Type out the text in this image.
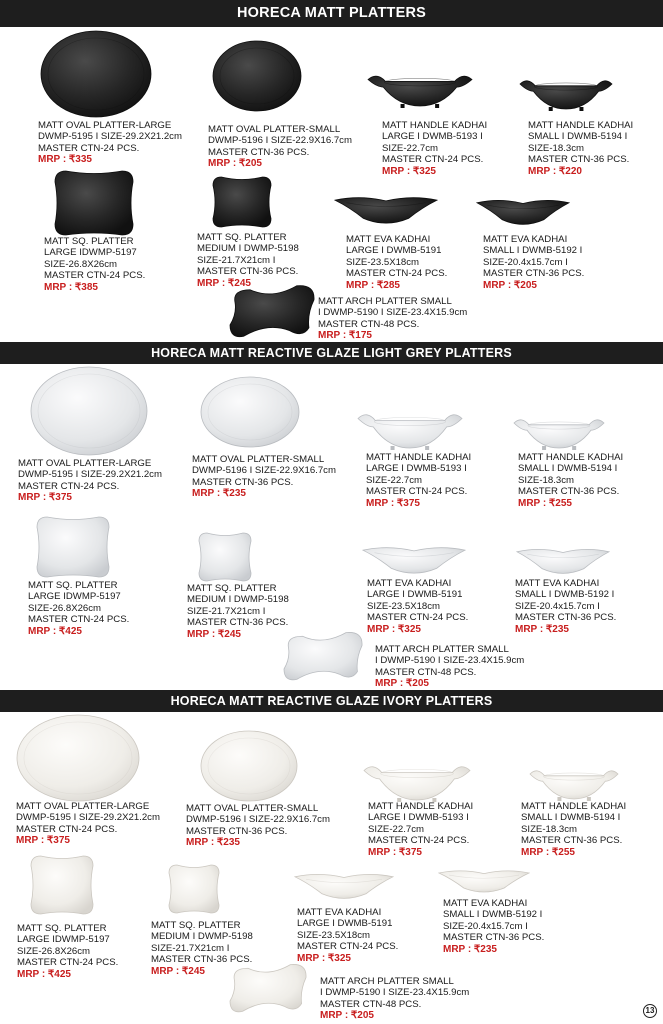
HORECA MATT PLATTERS
HORECA MATT REACTIVE GLAZE LIGHT GREY PLATTERS
HORECA MATT REACTIVE GLAZE IVORY PLATTERS
MATT OVAL PLATTER-LARGE
DWMP-5195 I SIZE-29.2X21.2cm
MASTER CTN-24 PCS.
MRP : ₹335
MATT OVAL PLATTER-SMALL
DWMP-5196 I SIZE-22.9X16.7cm
MASTER CTN-36 PCS.
MRP : ₹205
MATT HANDLE KADHAI
LARGE I DWMB-5193 I
SIZE-22.7cm
MASTER CTN-24 PCS.
MRP : ₹325
MATT HANDLE KADHAI
SMALL I DWMB-5194 I
SIZE-18.3cm
MASTER CTN-36 PCS.
MRP : ₹220
MATT SQ. PLATTER
LARGE IDWMP-5197
SIZE-26.8X26cm
MASTER CTN-24 PCS.
MRP : ₹385
MATT SQ. PLATTER
MEDIUM I DWMP-5198
SIZE-21.7X21cm I
MASTER CTN-36 PCS.
MRP : ₹245
MATT EVA KADHAI
LARGE I DWMB-5191
SIZE-23.5X18cm
MASTER CTN-24 PCS.
MRP : ₹285
MATT EVA KADHAI
SMALL I DWMB-5192 I
SIZE-20.4x15.7cm I
MASTER CTN-36 PCS.
MRP : ₹205
MATT ARCH PLATTER SMALL
I DWMP-5190 I SIZE-23.4X15.9cm
MASTER CTN-48 PCS.
MRP : ₹175
MATT OVAL PLATTER-LARGE
DWMP-5195 I SIZE-29.2X21.2cm
MASTER CTN-24 PCS.
MRP : ₹375
MATT OVAL PLATTER-SMALL
DWMP-5196 I SIZE-22.9X16.7cm
MASTER CTN-36 PCS.
MRP : ₹235
MATT HANDLE KADHAI
LARGE I DWMB-5193 I
SIZE-22.7cm
MASTER CTN-24 PCS.
MRP : ₹375
MATT HANDLE KADHAI
SMALL I DWMB-5194 I
SIZE-18.3cm
MASTER CTN-36 PCS.
MRP : ₹255
MATT SQ. PLATTER
LARGE IDWMP-5197
SIZE-26.8X26cm
MASTER CTN-24 PCS.
MRP : ₹425
MATT SQ. PLATTER
MEDIUM I DWMP-5198
SIZE-21.7X21cm I
MASTER CTN-36 PCS.
MRP : ₹245
MATT EVA KADHAI
LARGE I DWMB-5191
SIZE-23.5X18cm
MASTER CTN-24 PCS.
MRP : ₹325
MATT EVA KADHAI
SMALL I DWMB-5192 I
SIZE-20.4x15.7cm I
MASTER CTN-36 PCS.
MRP : ₹235
MATT ARCH PLATTER SMALL
I DWMP-5190 I SIZE-23.4X15.9cm
MASTER CTN-48 PCS.
MRP : ₹205
MATT OVAL PLATTER-LARGE
DWMP-5195 I SIZE-29.2X21.2cm
MASTER CTN-24 PCS.
MRP : ₹375
MATT OVAL PLATTER-SMALL
DWMP-5196 I SIZE-22.9X16.7cm
MASTER CTN-36 PCS.
MRP : ₹235
MATT HANDLE KADHAI
LARGE I DWMB-5193 I
SIZE-22.7cm
MASTER CTN-24 PCS.
MRP : ₹375
MATT HANDLE KADHAI
SMALL I DWMB-5194 I
SIZE-18.3cm
MASTER CTN-36 PCS.
MRP : ₹255
MATT SQ. PLATTER
LARGE IDWMP-5197
SIZE-26.8X26cm
MASTER CTN-24 PCS.
MRP : ₹425
MATT SQ. PLATTER
MEDIUM I DWMP-5198
SIZE-21.7X21cm I
MASTER CTN-36 PCS.
MRP : ₹245
MATT EVA KADHAI
LARGE I DWMB-5191
SIZE-23.5X18cm
MASTER CTN-24 PCS.
MRP : ₹325
MATT EVA KADHAI
SMALL I DWMB-5192 I
SIZE-20.4x15.7cm I
MASTER CTN-36 PCS.
MRP : ₹235
MATT ARCH PLATTER SMALL
I DWMP-5190 I SIZE-23.4X15.9cm
MASTER CTN-48 PCS.
MRP : ₹205	13
